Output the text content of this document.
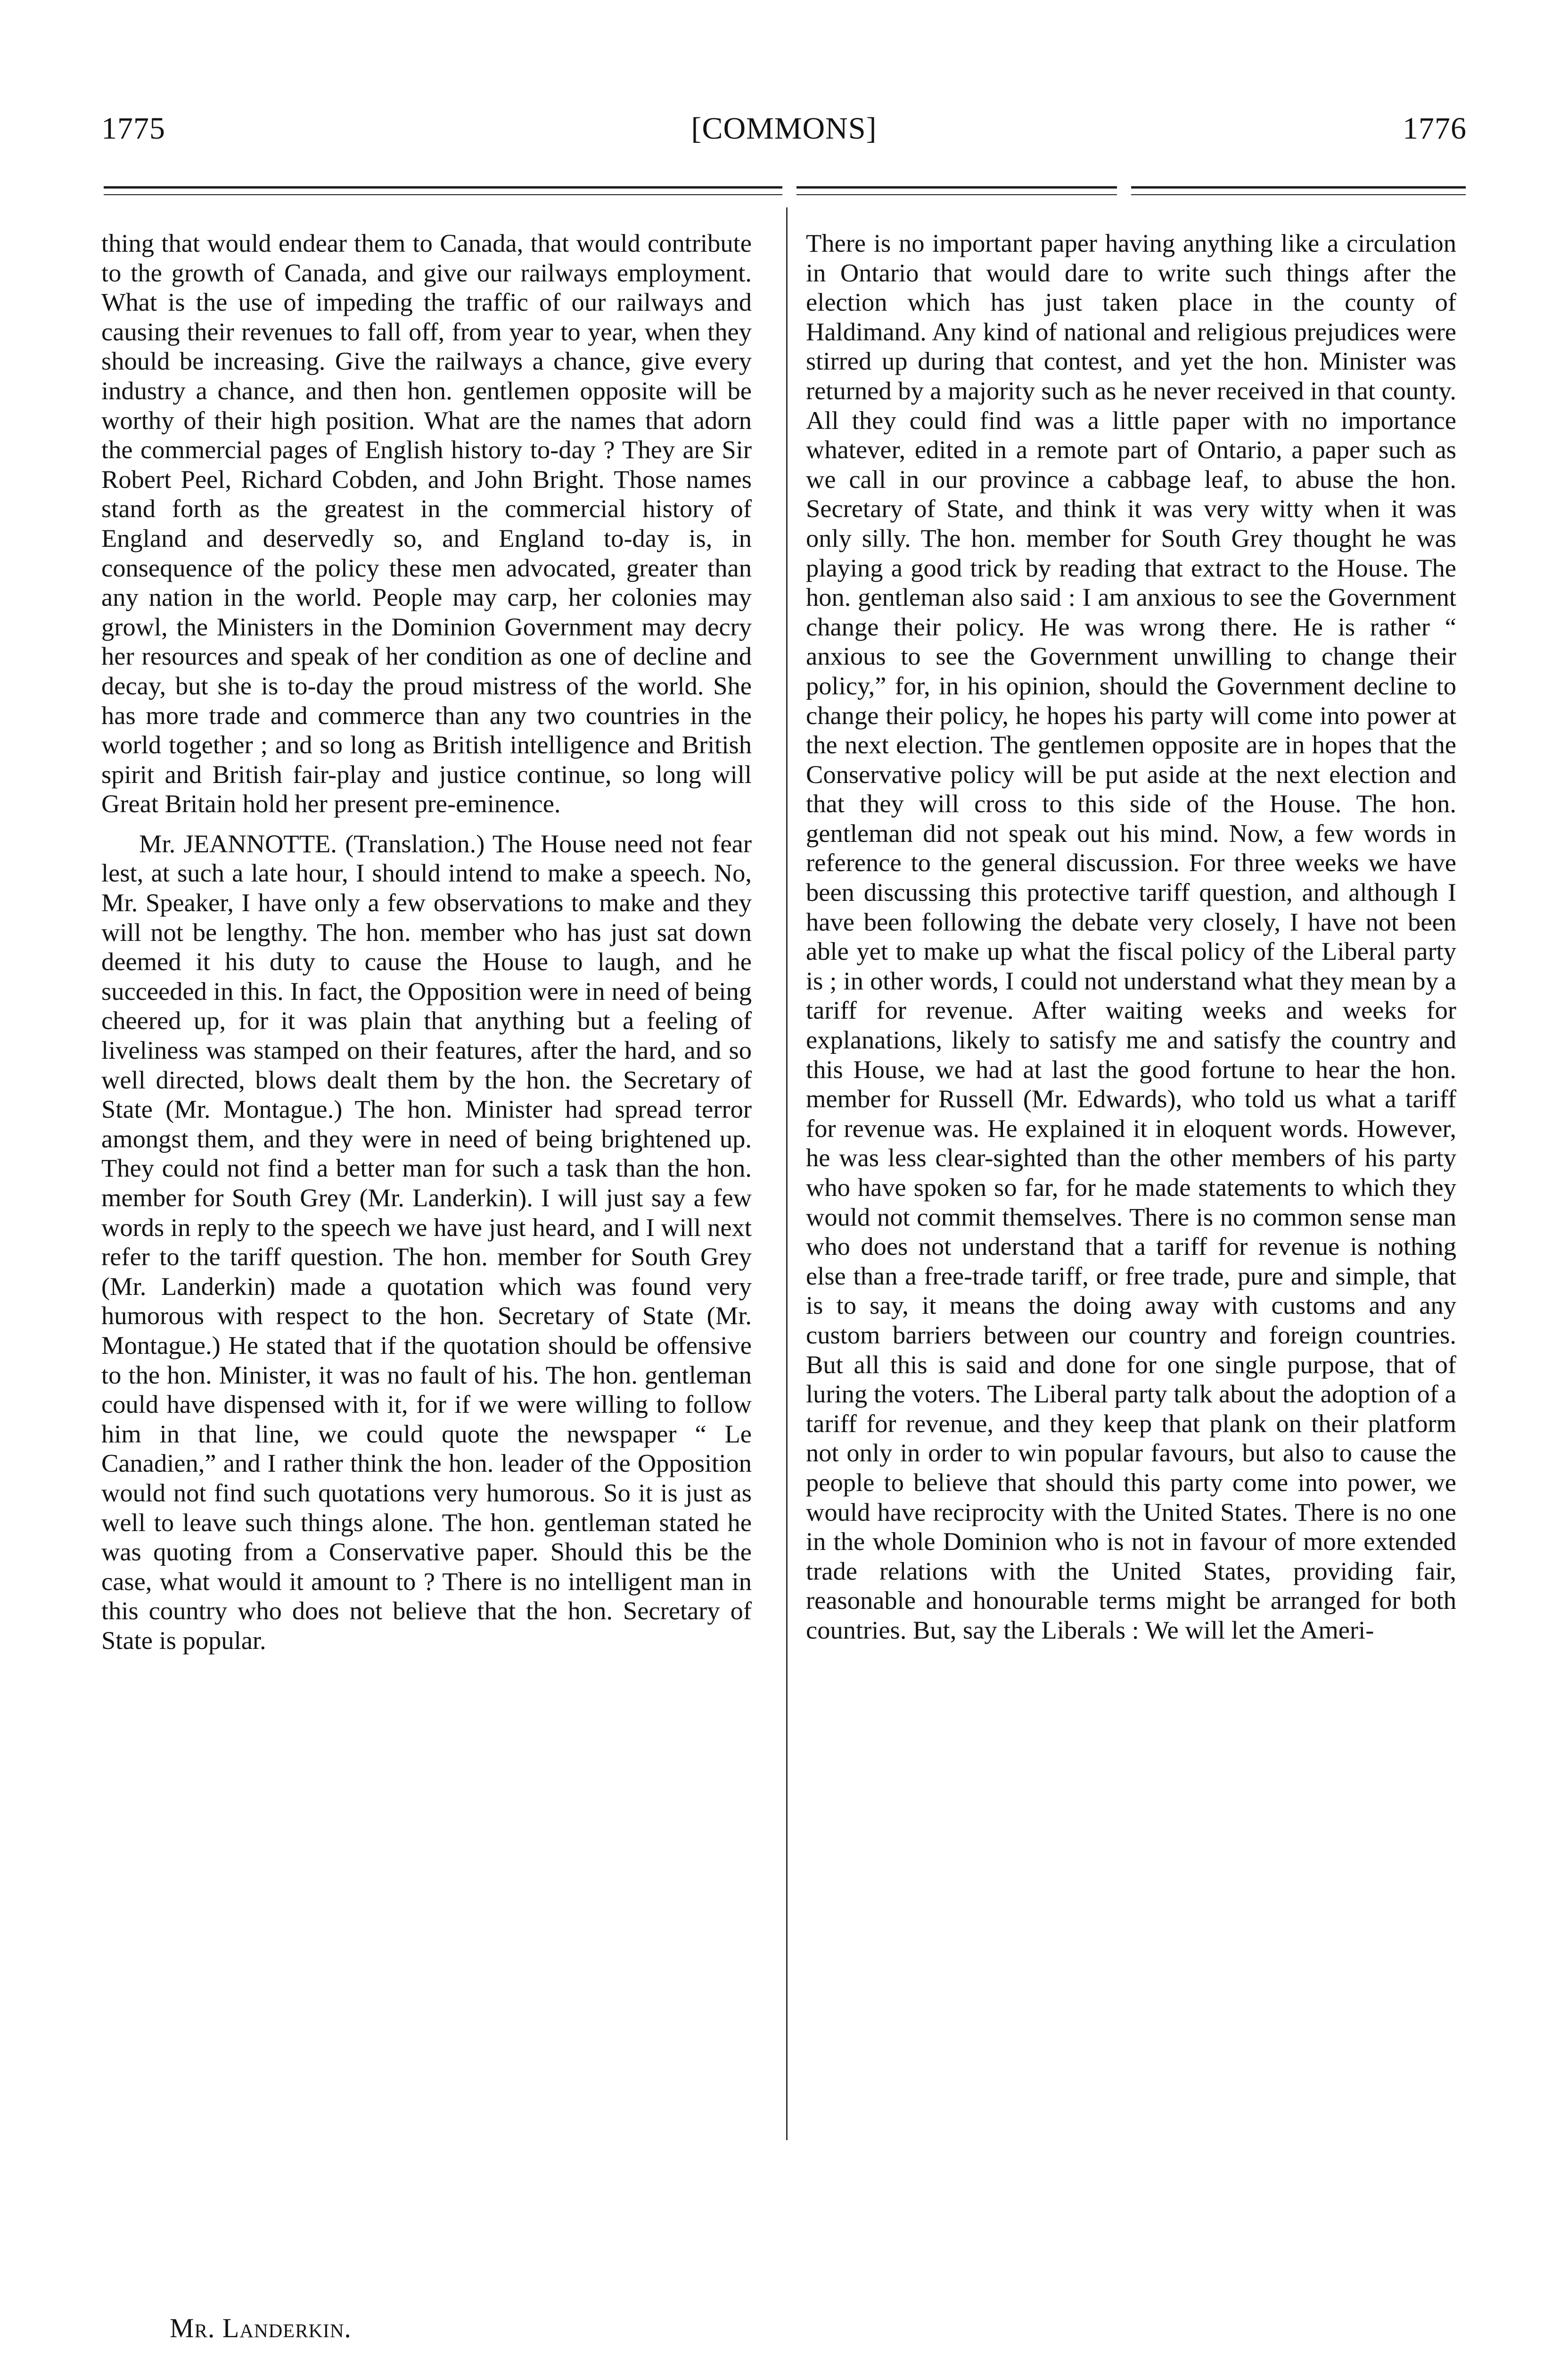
1775	[COMMONS]	1776

thing that would endear them to Canada, that would contribute to the growth of Canada, and give our railways employment. What is the use of impeding the traffic of our railways and causing their revenues to fall off, from year to year, when they should be increasing. Give the railways a chance, give every industry a chance, and then hon. gentlemen opposite will be worthy of their high position. What are the names that adorn the commercial pages of English history to-day ? They are Sir Robert Peel, Richard Cobden, and John Bright. Those names stand forth as the greatest in the commercial history of England and deservedly so, and England to-day is, in consequence of the policy these men advocated, greater than any nation in the world. People may carp, her colonies may growl, the Ministers in the Dominion Government may decry her resources and speak of her condition as one of decline and decay, but she is to-day the proud mistress of the world. She has more trade and commerce than any two countries in the world together ; and so long as British intelligence and British spirit and British fair-play and justice continue, so long will Great Britain hold her present pre-eminence.

Mr. JEANNOTTE. (Translation.) The House need not fear lest, at such a late hour, I should intend to make a speech. No, Mr. Speaker, I have only a few observations to make and they will not be lengthy. The hon. member who has just sat down deemed it his duty to cause the House to laugh, and he succeeded in this. In fact, the Opposition were in need of being cheered up, for it was plain that anything but a feeling of liveliness was stamped on their features, after the hard, and so well directed, blows dealt them by the hon. the Secretary of State (Mr. Montague.) The hon. Minister had spread terror amongst them, and they were in need of being brightened up. They could not find a better man for such a task than the hon. member for South Grey (Mr. Landerkin). I will just say a few words in reply to the speech we have just heard, and I will next refer to the tariff question. The hon. member for South Grey (Mr. Landerkin) made a quotation which was found very humorous with respect to the hon. Secretary of State (Mr. Montague.) He stated that if the quotation should be offensive to the hon. Minister, it was no fault of his. The hon. gentleman could have dispensed with it, for if we were willing to follow him in that line, we could quote the newspaper “ Le Canadien,” and I rather think the hon. leader of the Opposition would not find such quotations very humorous. So it is just as well to leave such things alone. The hon. gentleman stated he was quoting from a Conservative paper. Should this be the case, what would it amount to ? There is no intelligent man in this country who does not believe that the hon. Secretary of State is popular.

There is no important paper having anything like a circulation in Ontario that would dare to write such things after the election which has just taken place in the county of Haldimand. Any kind of national and religious prejudices were stirred up during that contest, and yet the hon. Minister was returned by a majority such as he never received in that county. All they could find was a little paper with no importance whatever, edited in a remote part of Ontario, a paper such as we call in our province a cabbage leaf, to abuse the hon. Secretary of State, and think it was very witty when it was only silly. The hon. member for South Grey thought he was playing a good trick by reading that extract to the House. The hon. gentleman also said : I am anxious to see the Government change their policy. He was wrong there. He is rather “ anxious to see the Government unwilling to change their policy,” for, in his opinion, should the Government decline to change their policy, he hopes his party will come into power at the next election. The gentlemen opposite are in hopes that the Conservative policy will be put aside at the next election and that they will cross to this side of the House. The hon. gentleman did not speak out his mind. Now, a few words in reference to the general discussion. For three weeks we have been discussing this protective tariff question, and although I have been following the debate very closely, I have not been able yet to make up what the fiscal policy of the Liberal party is ; in other words, I could not understand what they mean by a tariff for revenue. After waiting weeks and weeks for explanations, likely to satisfy me and satisfy the country and this House, we had at last the good fortune to hear the hon. member for Russell (Mr. Edwards), who told us what a tariff for revenue was. He explained it in eloquent words. However, he was less clear-sighted than the other members of his party who have spoken so far, for he made statements to which they would not commit themselves. There is no common sense man who does not understand that a tariff for revenue is nothing else than a free-trade tariff, or free trade, pure and simple, that is to say, it means the doing away with customs and any custom barriers between our country and foreign countries. But all this is said and done for one single purpose, that of luring the voters. The Liberal party talk about the adoption of a tariff for revenue, and they keep that plank on their platform not only in order to win popular favours, but also to cause the people to believe that should this party come into power, we would have reciprocity with the United States. There is no one in the whole Dominion who is not in favour of more extended trade relations with the United States, providing fair, reasonable and honourable terms might be arranged for both countries. But, say the Liberals : We will let the Ameri-

Mr. Landerkin.
